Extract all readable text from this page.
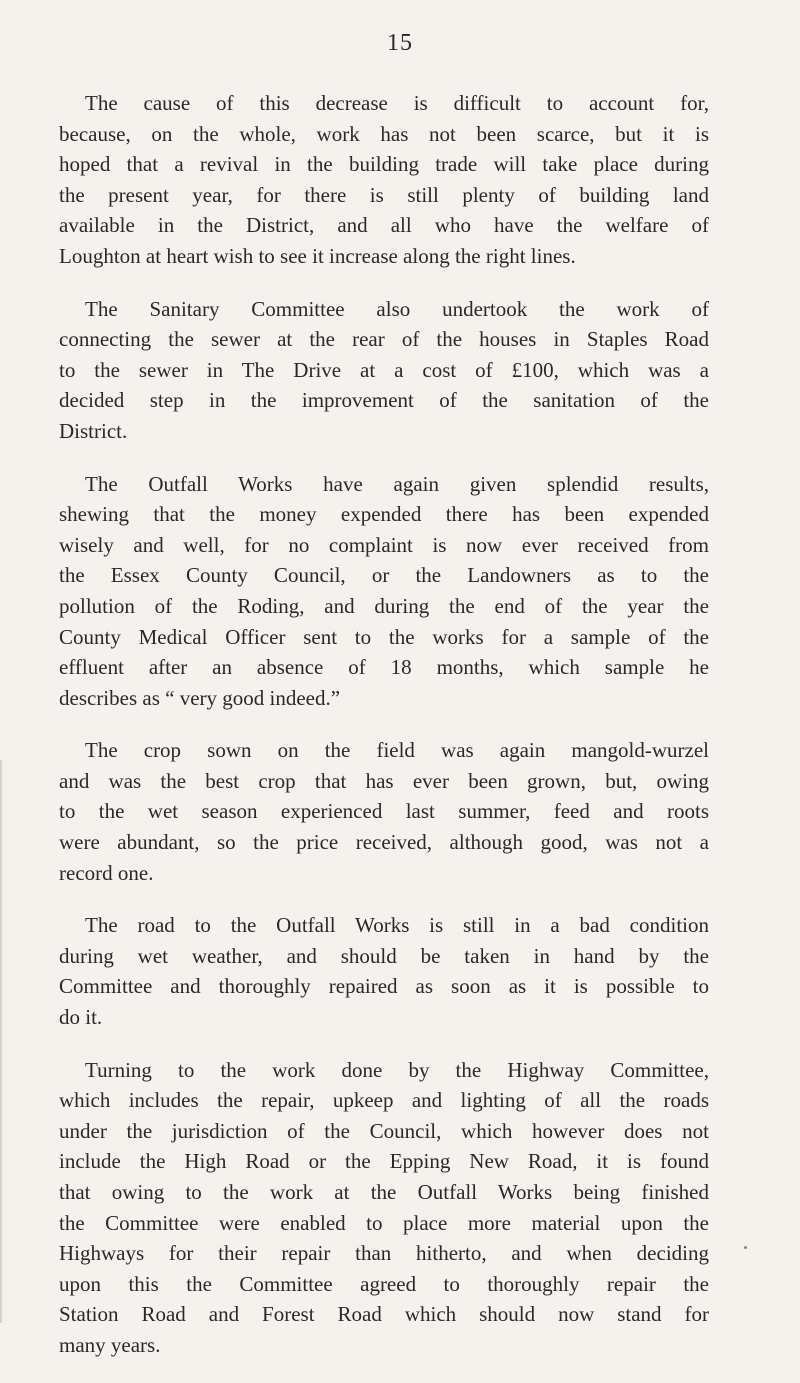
15

The cause of this decrease is difficult to account for,
because, on the whole, work has not been scarce, but it is
hoped that a revival in the building trade will take place during
the present year, for there is still plenty of building land
available in the District, and all who have the welfare of
Loughton at heart wish to see it increase along the right lines.

The Sanitary Committee also undertook the work of
connecting the sewer at the rear of the houses in Staples Road
to the sewer in The Drive at a cost of £100, which was a
decided step in the improvement of the sanitation of the
District.

The Outfall Works have again given splendid results,
shewing that the money expended there has been expended
wisely and well, for no complaint is now ever received from
the Essex County Council, or the Landowners as to the
pollution of the Roding, and during the end of the year the
County Medical Officer sent to the works for a sample of the
effluent after an absence of 18 months, which sample he
describes as “ very good indeed.”

The crop sown on the field was again mangold-wurzel
and was the best crop that has ever been grown, but, owing
to the wet season experienced last summer, feed and roots
were abundant, so the price received, although good, was not a
record one.

The road to the Outfall Works is still in a bad condition
during wet weather, and should be taken in hand by the
Committee and thoroughly repaired as soon as it is possible to
do it.

Turning to the work done by the Highway Committee,
which includes the repair, upkeep and lighting of all the roads
under the jurisdiction of the Council, which however does not
include the High Road or the Epping New Road, it is found
that owing to the work at the Outfall Works being finished
the Committee were enabled to place more material upon the
Highways for their repair than hitherto, and when deciding
upon this the Committee agreed to thoroughly repair the
Station Road and Forest Road which should now stand for
many years.
